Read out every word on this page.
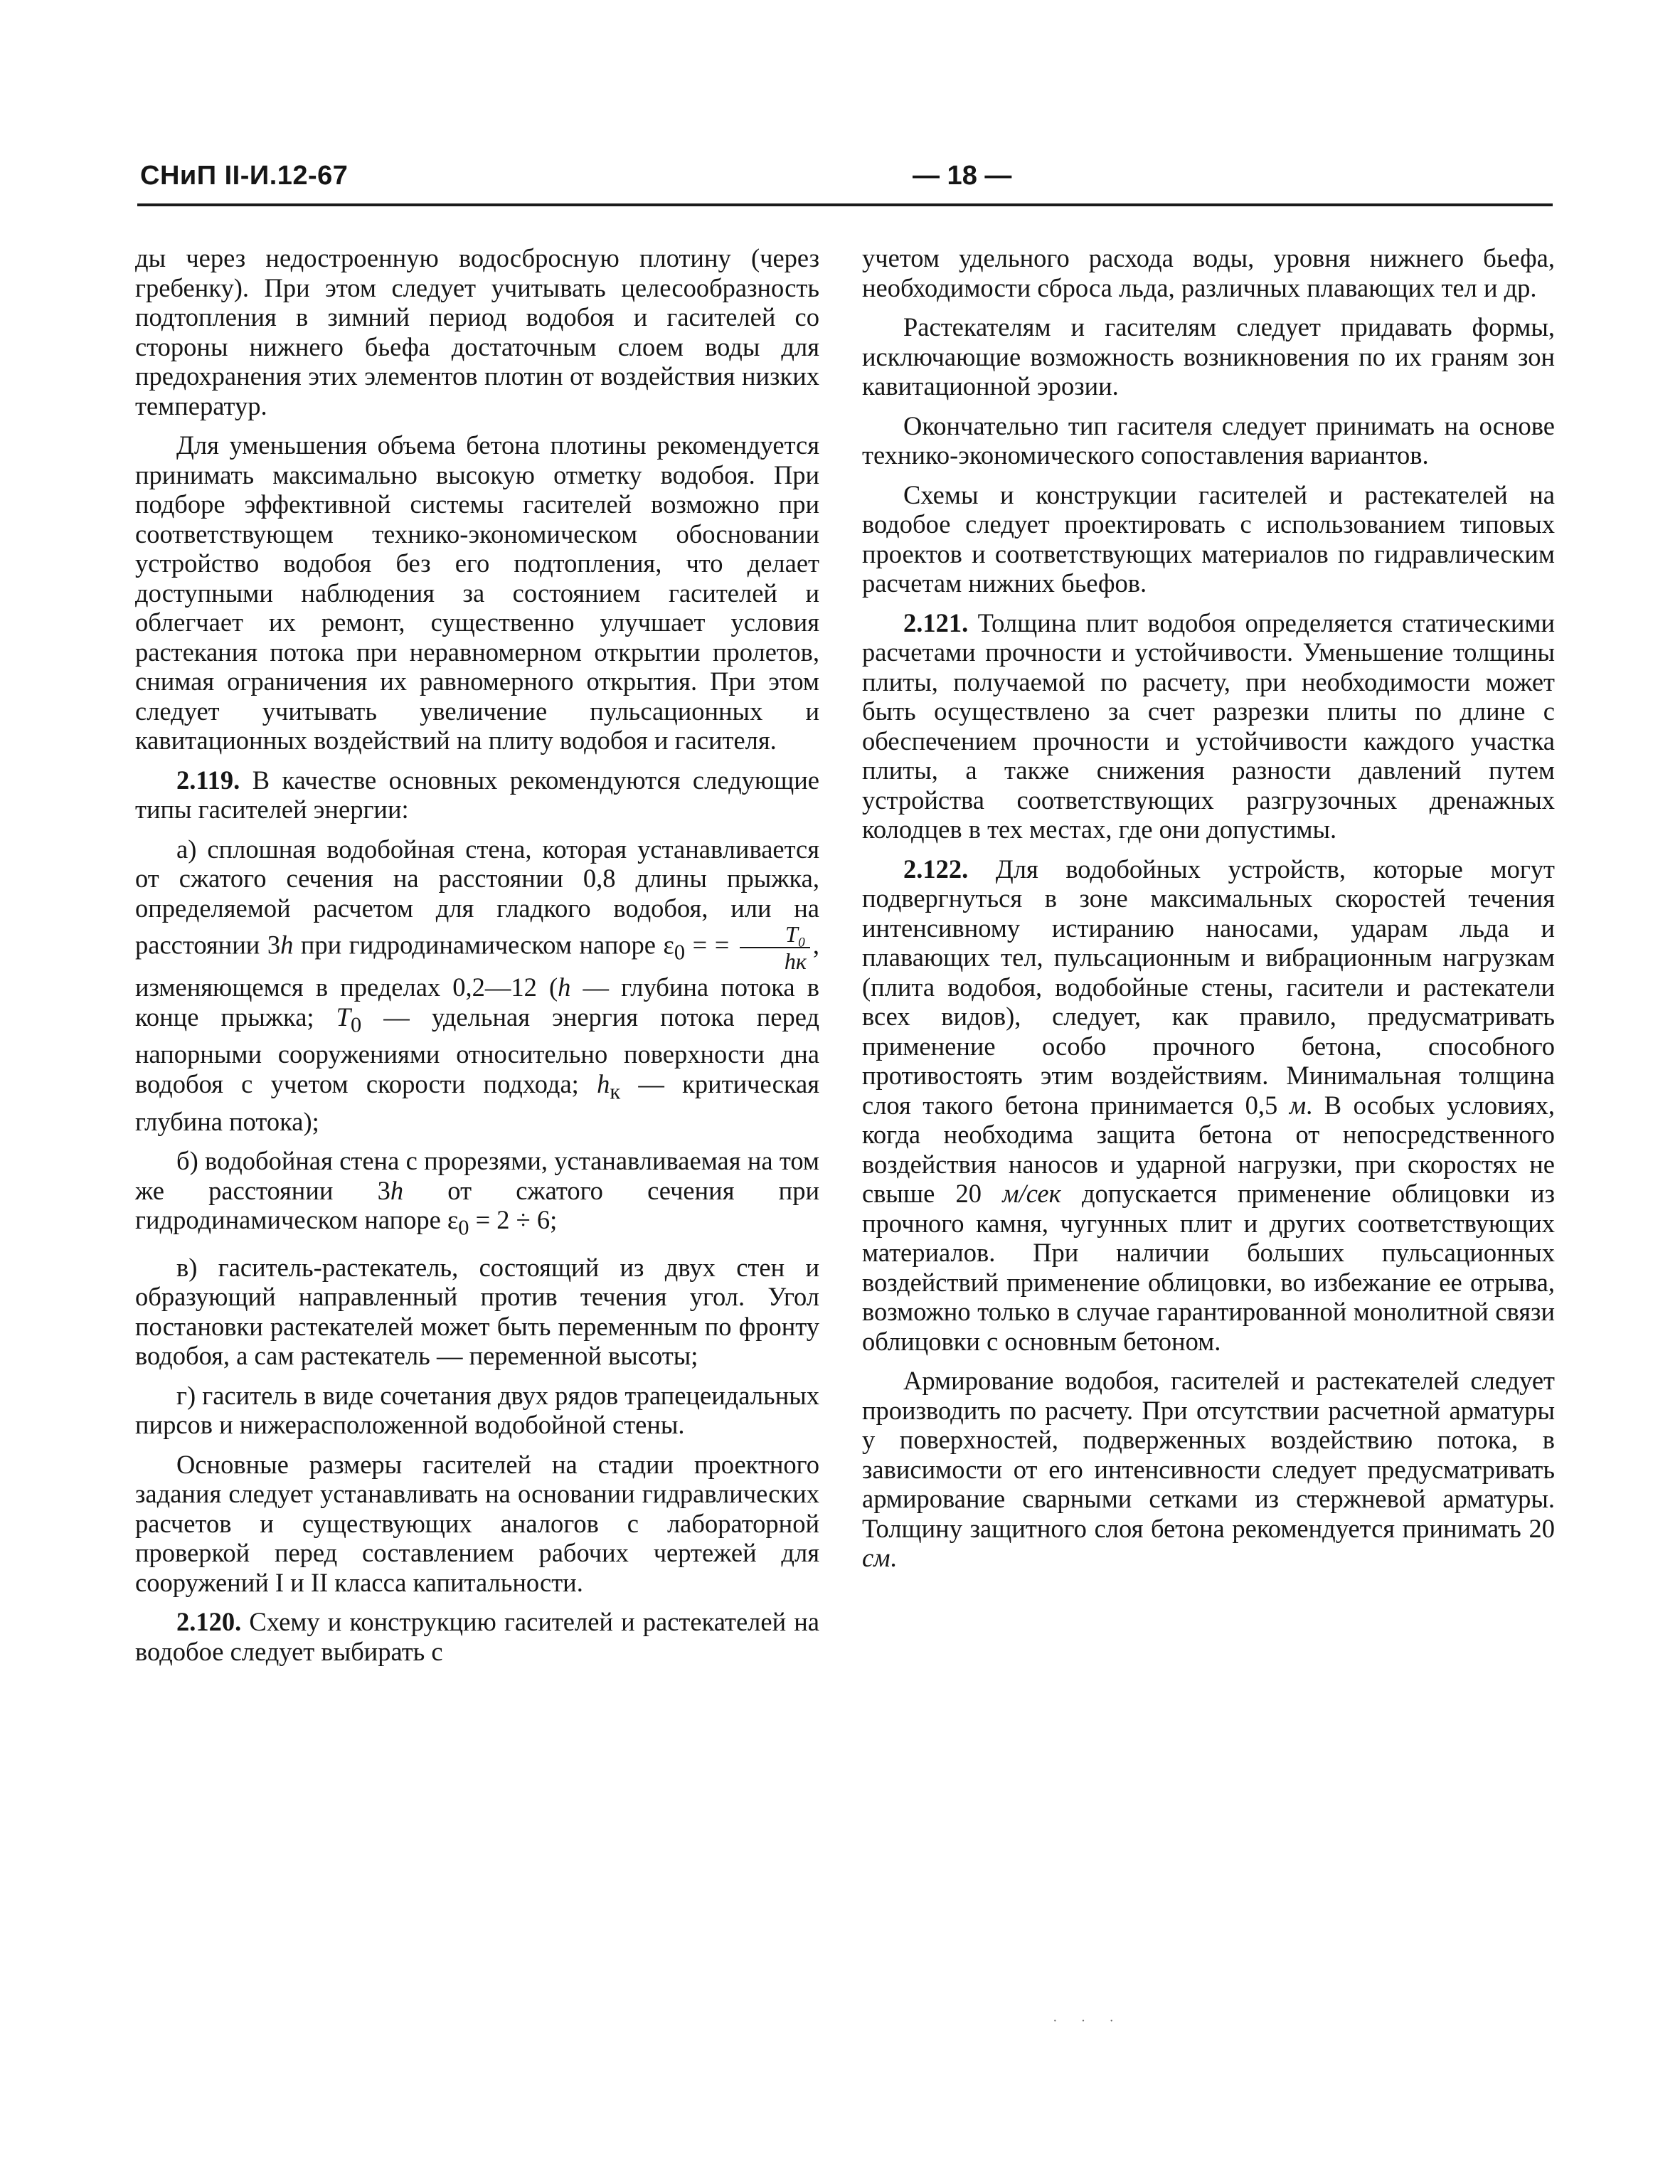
СНиП II-И.12-67	— 18 —

ды через недостроенную водосбросную плотину (через гребенку). При этом следует учитывать целесообразность подтопления в зимний период водобоя и гасителей со стороны нижнего бьефа достаточным слоем воды для предохранения этих элементов плотин от воздействия низких температур.

Для уменьшения объема бетона плотины рекомендуется принимать максимально высокую отметку водобоя. При подборе эффективной системы гасителей возможно при соответствующем технико-экономическом обосновании устройство водобоя без его подтопления, что делает доступными наблюдения за состоянием гасителей и облегчает их ремонт, существенно улучшает условия растекания потока при неравномерном открытии пролетов, снимая ограничения их равномерного открытия. При этом следует учитывать увеличение пульсационных и кавитационных воздействий на плиту водобоя и гасителя.

2.119. В качестве основных рекомендуются следующие типы гасителей энергии:

а) сплошная водобойная стена, которая устанавливается от сжатого сечения на расстоянии 0,8 длины прыжка, определяемой расчетом для гладкого водобоя, или на расстоянии 3h при гидродинамическом напоре $\varepsilon_0$ = = $\frac{\text{T₀}}{hк}$ , изменяющемся в пределах 0,2—12 (h — глубина потока в конце прыжка; $T_0$ — удельная энергия потока перед напорными сооружениями относительно поверхности дна водобоя с учетом скорости подхода; $h_к$ — критическая глубина потока);

б) водобойная стена с прорезями, устанавливаемая на том же расстоянии 3h от сжатого сечения при гидродинамическом напоре $\varepsilon_0 = 2 \div 6$;

в) гаситель-растекатель, состоящий из двух стен и образующий направленный против течения угол. Угол постановки растекателей может быть переменным по фронту водобоя, а сам растекатель — переменной высоты;

г) гаситель в виде сочетания двух рядов трапецеидальных пирсов и нижерасположенной водобойной стены.

Основные размеры гасителей на стадии проектного задания следует устанавливать на основании гидравлических расчетов и существующих аналогов с лабораторной проверкой перед составлением рабочих чертежей для сооружений I и II класса капитальности.

2.120. Схему и конструкцию гасителей и растекателей на водобое следует выбирать с

учетом удельного расхода воды, уровня нижнего бьефа, необходимости сброса льда, различных плавающих тел и др.

Растекателям и гасителям следует придавать формы, исключающие возможность возникновения по их граням зон кавитационной эрозии.

Окончательно тип гасителя следует принимать на основе технико-экономического сопоставления вариантов.

Схемы и конструкции гасителей и растекателей на водобое следует проектировать с использованием типовых проектов и соответствующих материалов по гидравлическим расчетам нижних бьефов.

2.121. Толщина плит водобоя определяется статическими расчетами прочности и устойчивости. Уменьшение толщины плиты, получаемой по расчету, при необходимости может быть осуществлено за счет разрезки плиты по длине с обеспечением прочности и устойчивости каждого участка плиты, а также снижения разности давлений путем устройства соответствующих разгрузочных дренажных колодцев в тех местах, где они допустимы.

2.122. Для водобойных устройств, которые могут подвергнуться в зоне максимальных скоростей течения интенсивному истиранию наносами, ударам льда и плавающих тел, пульсационным и вибрационным нагрузкам (плита водобоя, водобойные стены, гасители и растекатели всех видов), следует, как правило, предусматривать применение особо прочного бетона, способного противостоять этим воздействиям. Минимальная толщина слоя такого бетона принимается 0,5 м. В особых условиях, когда необходима защита бетона от непосредственного воздействия наносов и ударной нагрузки, при скоростях не свыше 20 м/сек допускается применение облицовки из прочного камня, чугунных плит и других соответствующих материалов. При наличии больших пульсационных воздействий применение облицовки, во избежание ее отрыва, возможно только в случае гарантированной монолитной связи облицовки с основным бетоном.

Армирование водобоя, гасителей и растекателей следует производить по расчету. При отсутствии расчетной арматуры у поверхностей, подверженных воздействию потока, в зависимости от его интенсивности следует предусматривать армирование сварными сетками из стержневой арматуры. Толщину защитного слоя бетона рекомендуется принимать 20 см.

· · ·
